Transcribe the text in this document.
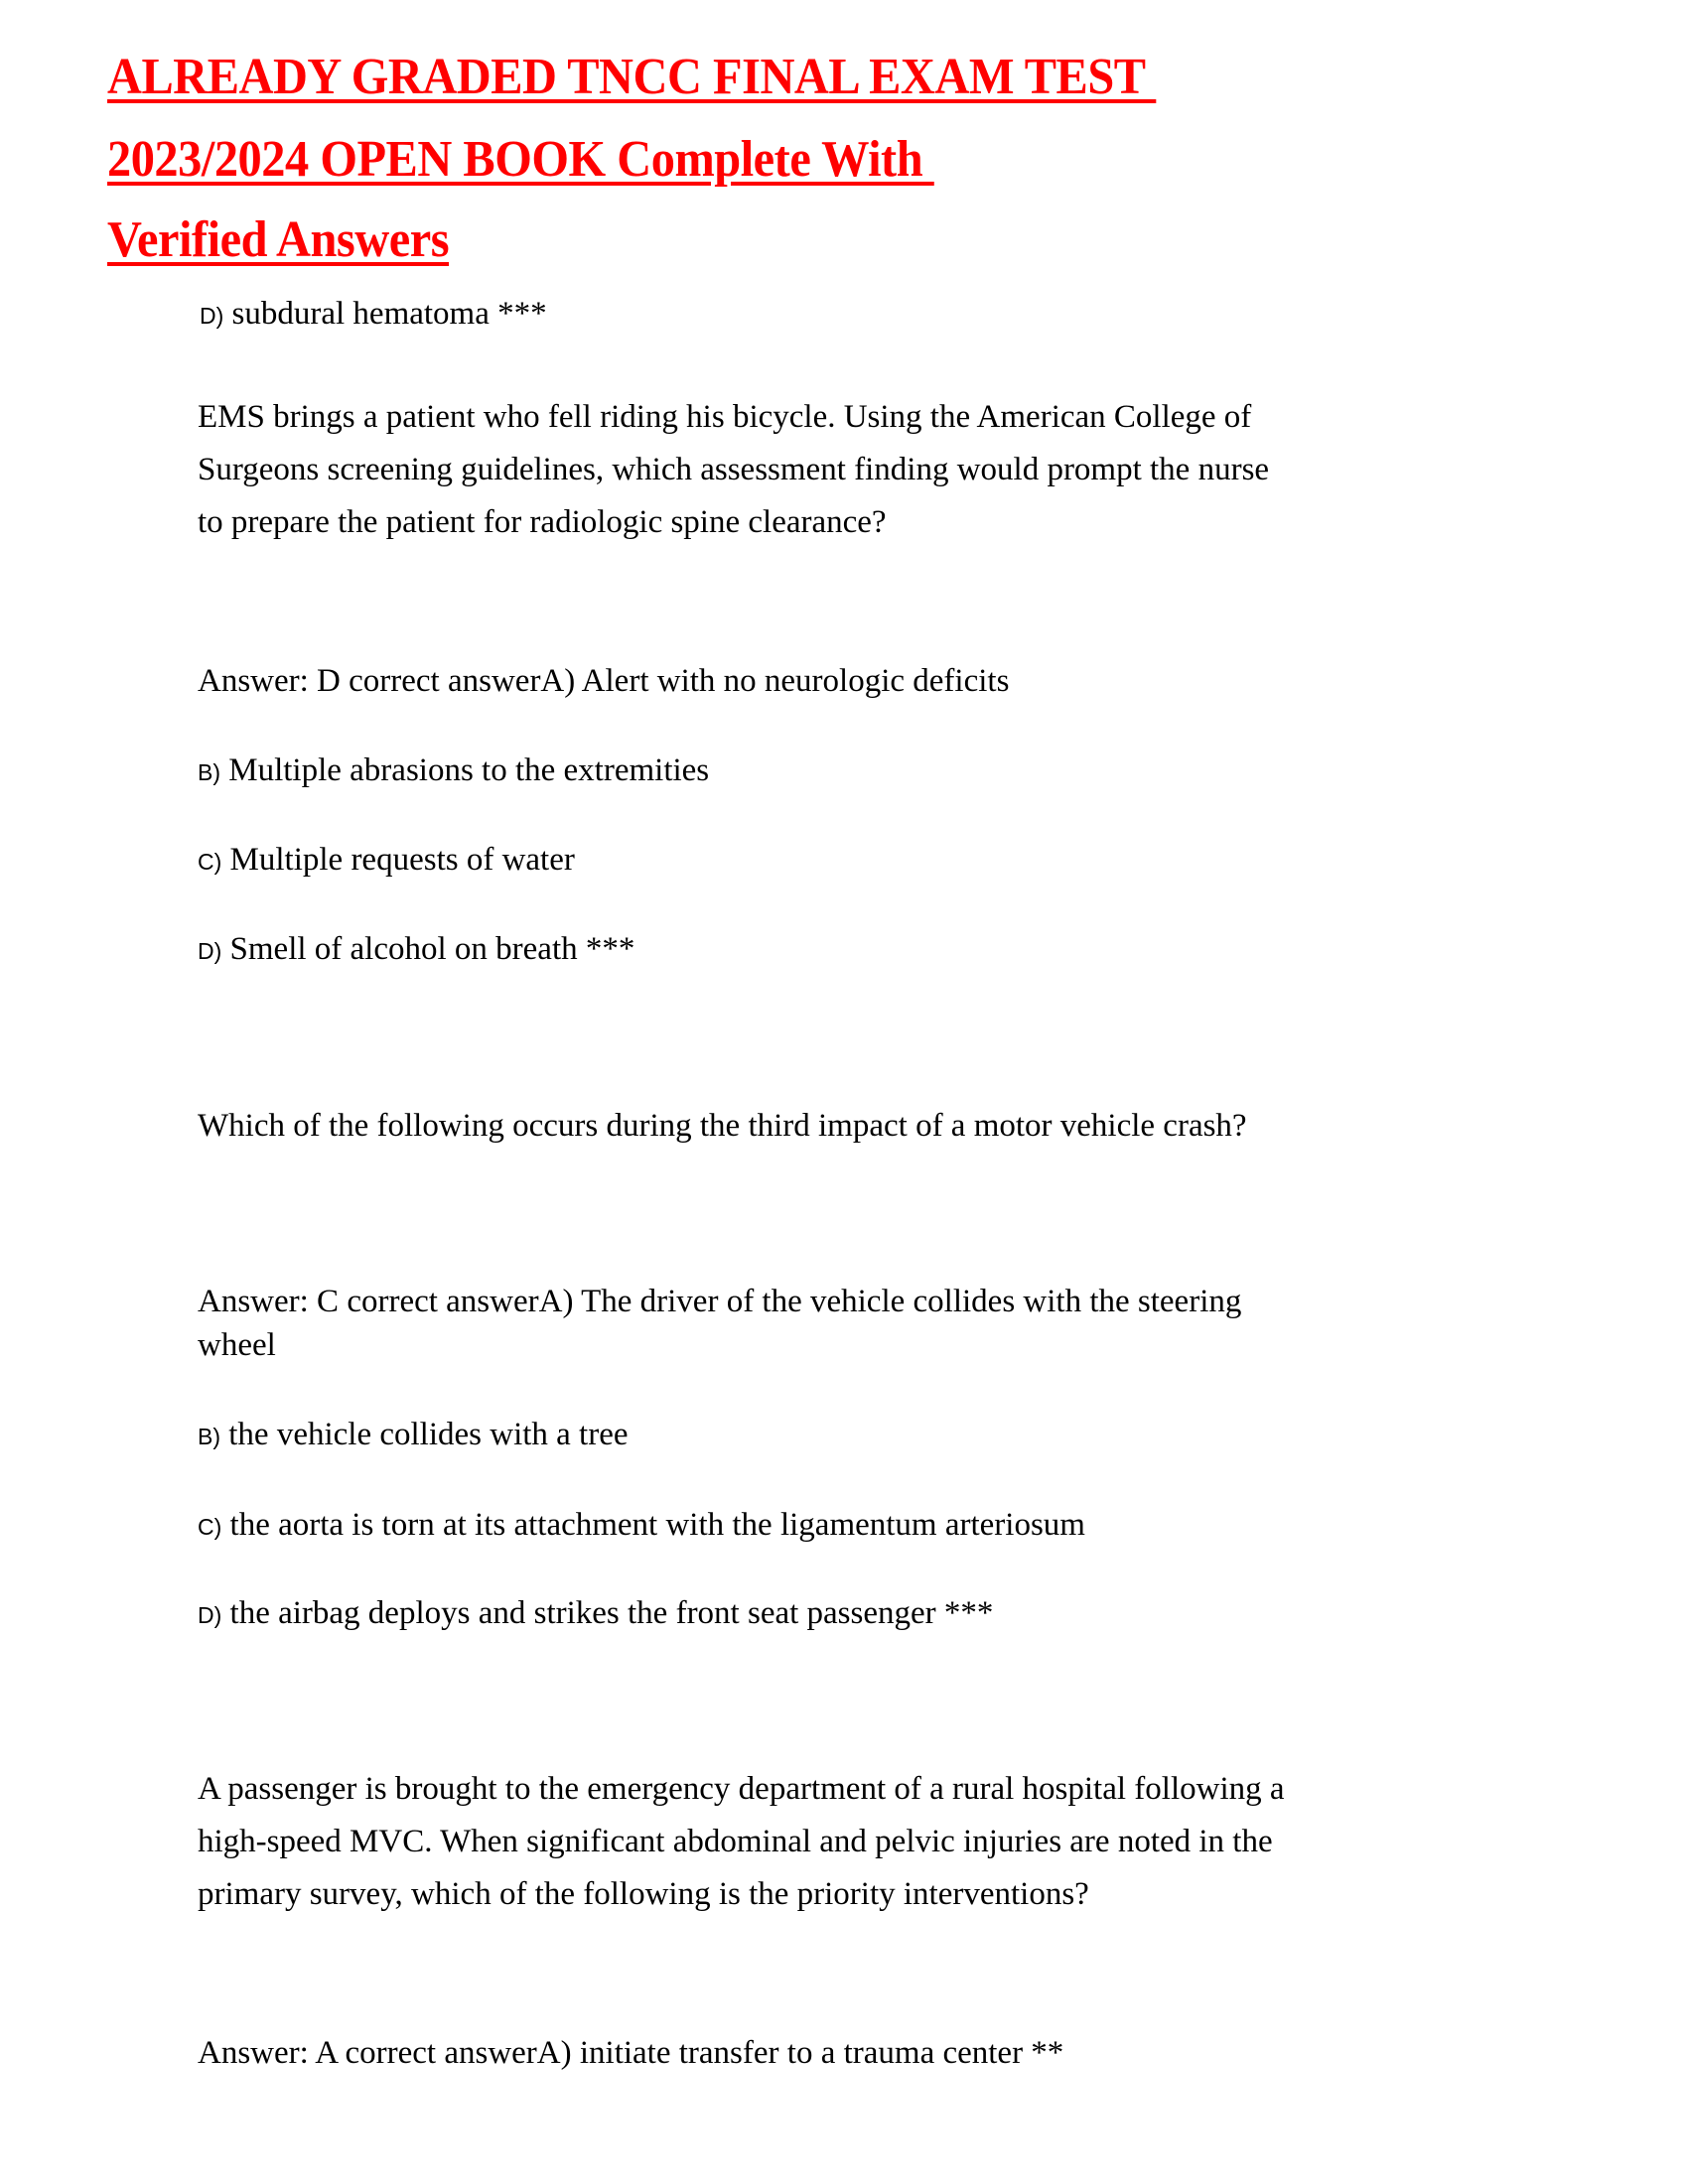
ALREADY GRADED TNCC FINAL EXAM TEST
2023/2024 OPEN BOOK Complete With
Verified Answers
D) subdural hematoma ***
EMS brings a patient who fell riding his bicycle. Using the American College of
Surgeons screening guidelines, which assessment finding would prompt the nurse
to prepare the patient for radiologic spine clearance?
Answer: D correct answerA) Alert with no neurologic deficits
B) Multiple abrasions to the extremities
C) Multiple requests of water
D) Smell of alcohol on breath ***
Which of the following occurs during the third impact of a motor vehicle crash?
Answer: C correct answerA) The driver of the vehicle collides with the steering
wheel
B) the vehicle collides with a tree
C) the aorta is torn at its attachment with the ligamentum arteriosum
D) the airbag deploys and strikes the front seat passenger ***
A passenger is brought to the emergency department of a rural hospital following a
high-speed MVC. When significant abdominal and pelvic injuries are noted in the
primary survey, which of the following is the priority interventions?
Answer: A correct answerA) initiate transfer to a trauma center **
